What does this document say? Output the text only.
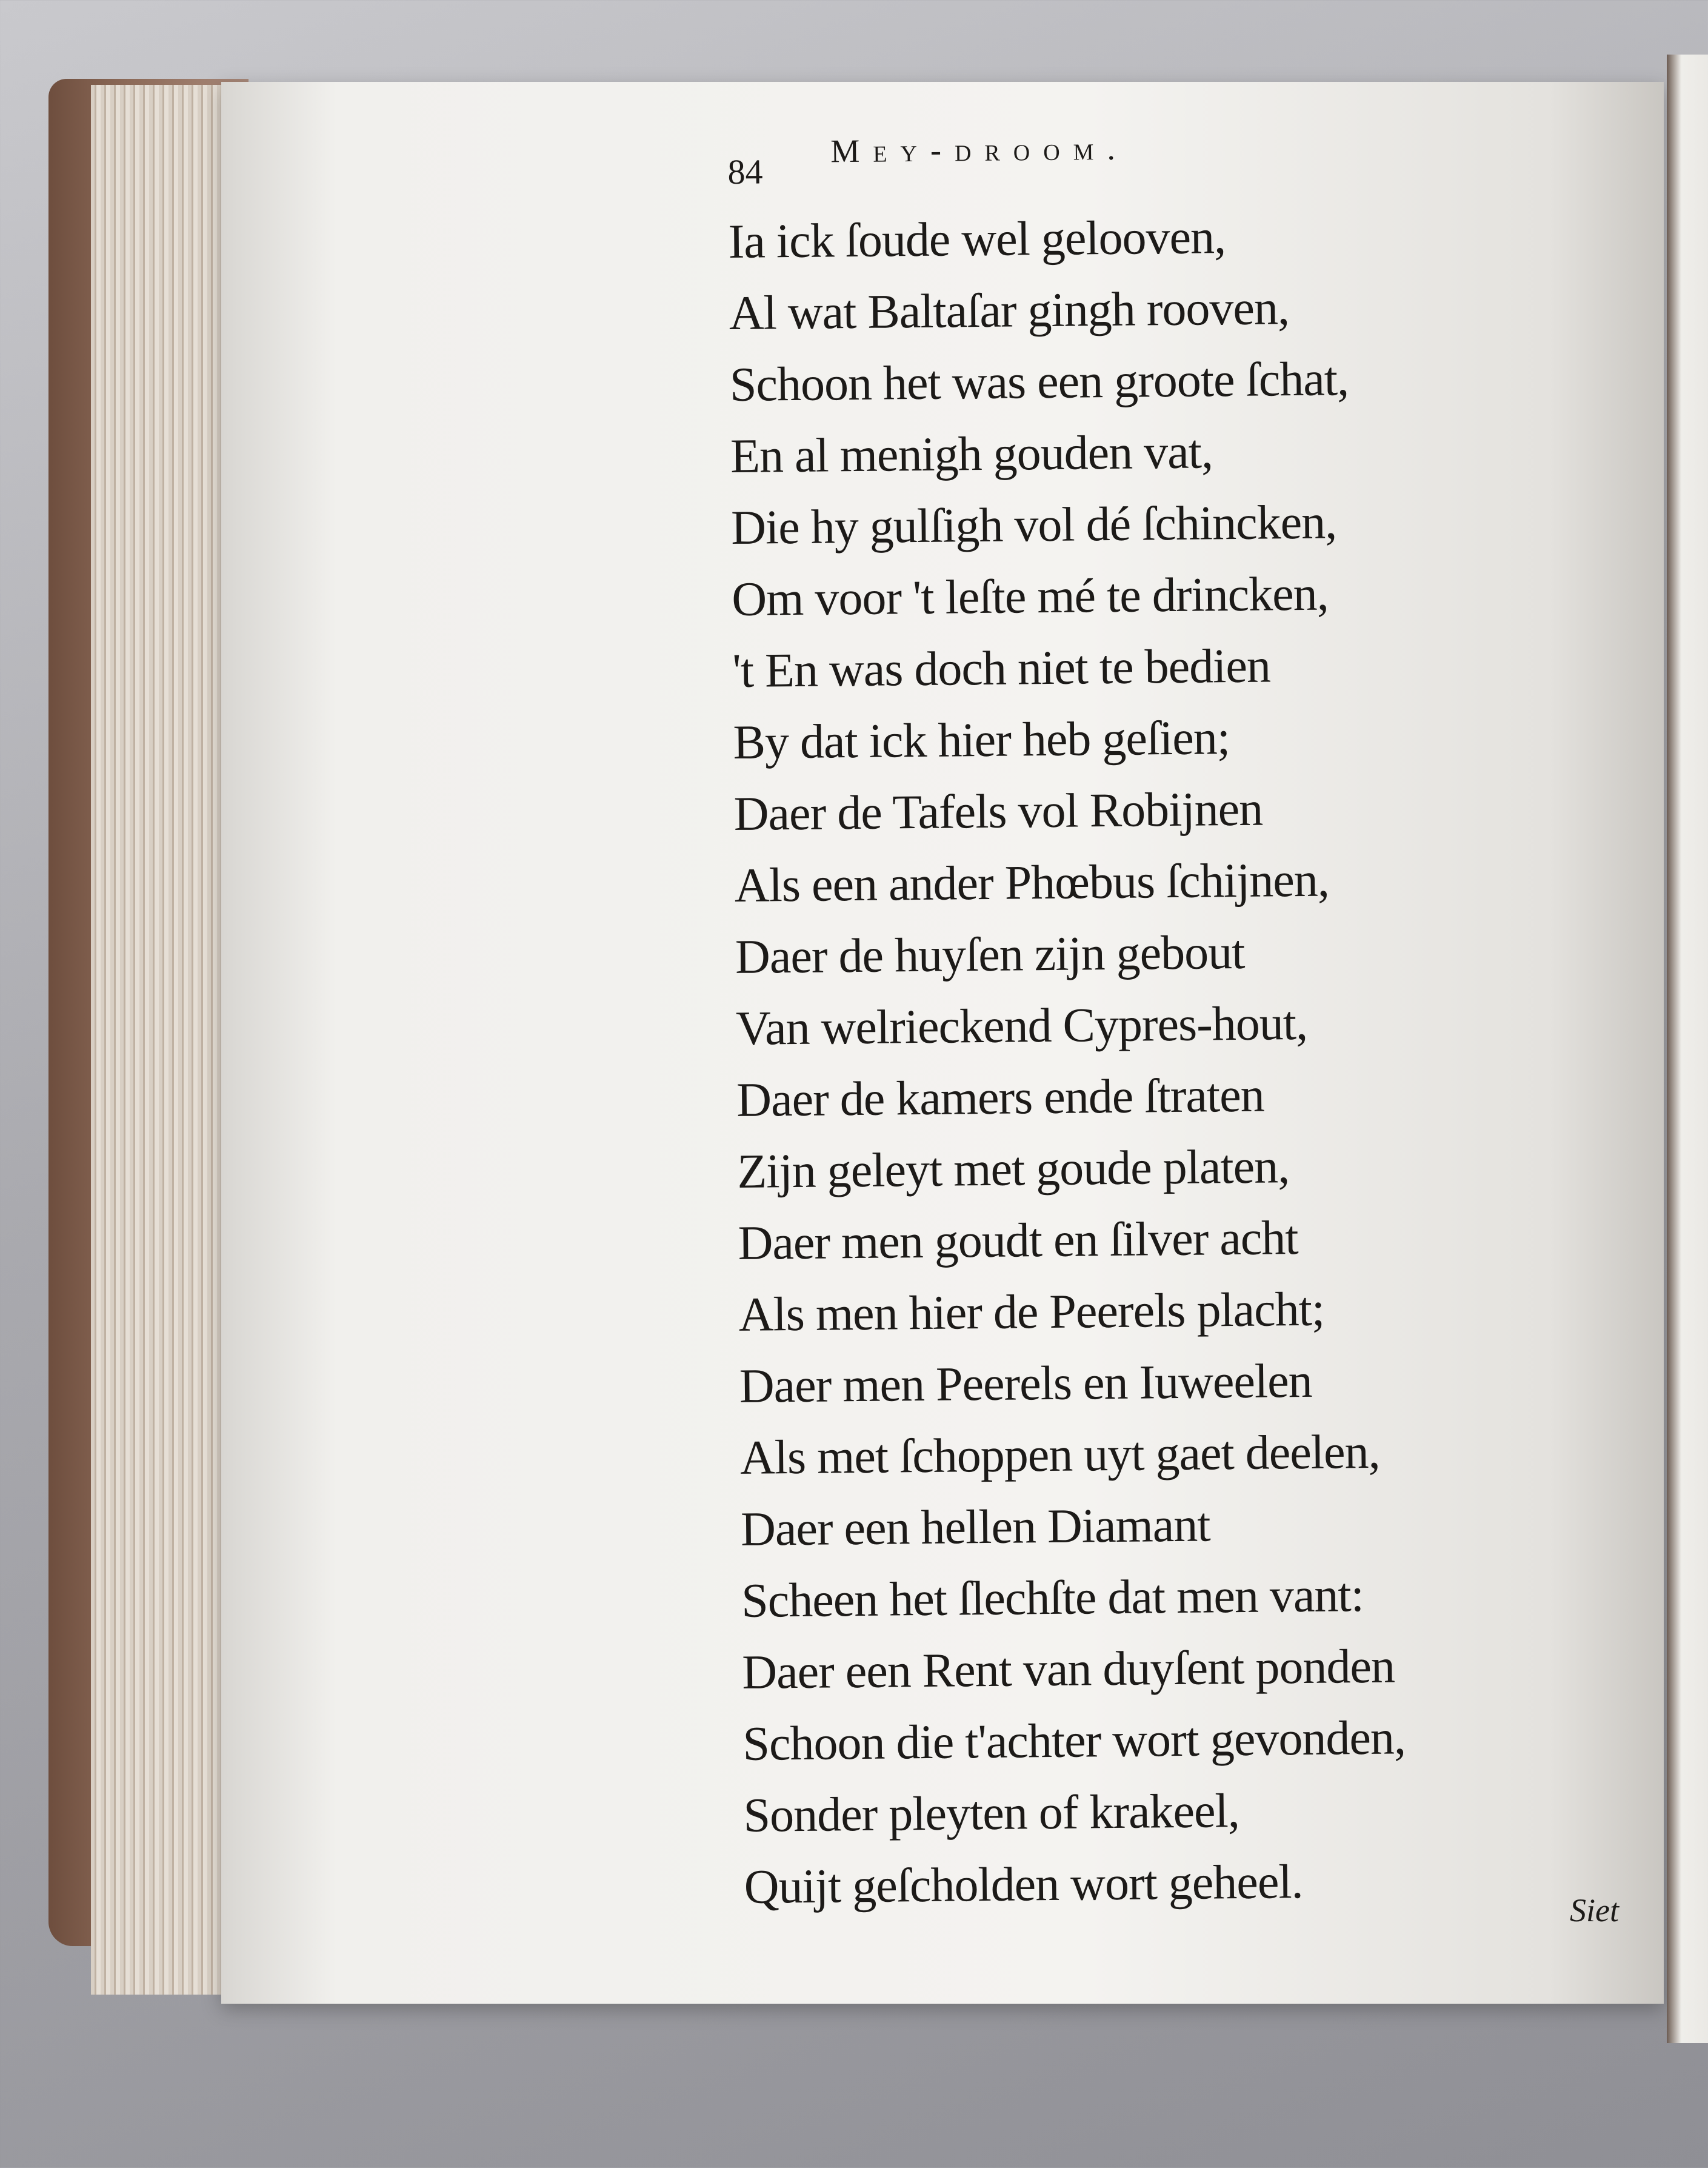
84
Mey-droom.
Ia ick ſoude wel gelooven,
Al wat Baltaſar gingh rooven,
Schoon het was een groote ſchat,
En al menigh gouden vat,
Die hy gulſigh vol dé ſchincken,
Om voor 't leſte mé te drincken,
't En was doch niet te bedien
By dat ick hier heb geſien;
Daer de Tafels vol Robijnen
Als een ander Phœbus ſchijnen,
Daer de huyſen zijn gebout
Van welrieckend Cypres-hout,
Daer de kamers ende ſtraten
Zijn geleyt met goude platen,
Daer men goudt en ſilver acht
Als men hier de Peerels placht;
Daer men Peerels en Iuweelen
Als met ſchoppen uyt gaet deelen,
Daer een hellen Diamant
Scheen het ſlechſte dat men vant:
Daer een Rent van duyſent ponden
Schoon die t'achter wort gevonden,
Sonder pleyten of krakeel,
Quijt geſcholden wort geheel.	Siet
